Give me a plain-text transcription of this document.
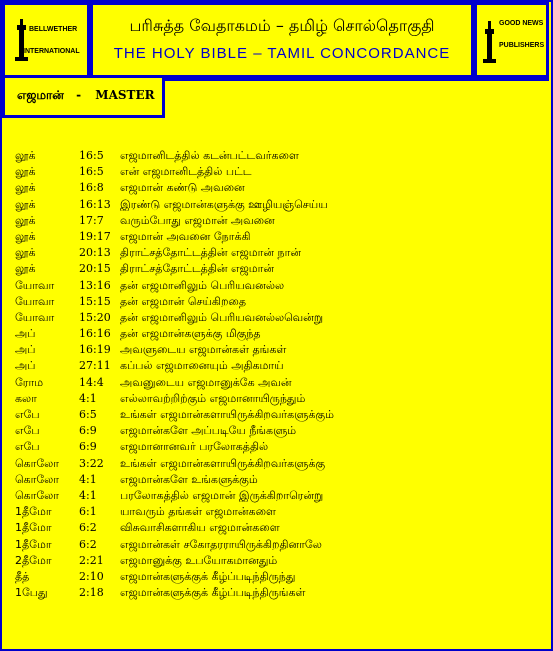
BELLWETHER
INTERNATIONAL
பரிசுத்த வேதாகமம் – தமிழ் சொல்தொகுதி
THE HOLY BIBLE – TAMIL CONCORDANCE
GOOD NEWS
PUBLISHERS
எஜமான் - MASTER
லூக்	16:5 எஜமானிடத்தில் கடன்பட்டவர்களை
லூக்	16:5 என் எஜமானிடத்தில் பட்ட
லூக்	16:8 எஜமான் கண்டு அவனை
லூக்	16:13 இரண்டு எஜமான்களுக்கு ஊழியஞ்செய்ய
லூக்	17:7 வரும்போது எஜமான் அவனை
லூக்	19:17 எஜமான் அவனை நோக்கி
லூக்	20:13 திராட்சத்தோட்டத்தின் எஜமான் நான்
லூக்	20:15 திராட்சத்தோட்டத்தின் எஜமான்
யோவா 13:16 தன் எஜமானிலும் பெரியவனல்ல
யோவா 15:15 தன் எஜமான் செய்கிறதை
யோவா 15:20 தன் எஜமானிலும் பெரியவனல்லவென்று
அப்	16:16 தன் எஜமான்களுக்கு மிகுந்த
அப்	16:19 அவளுடைய எஜமான்கள் தங்கள்
அப்	27:11 கப்பல் எஜமானையும் அதிகமாய்
ரோம	14:4 அவனுடைய எஜமானுக்கே அவன்
கலா	4:1 எல்லாவற்றிற்கும் எஜமானாயிருந்தும்
எபே	6:5 உங்கள் எஜமான்களாயிருக்கிறவர்களுக்கும்
எபே	6:9 எஜமான்களே அப்படியே நீங்களும்
எபே	6:9 எஜமானானவர் பரலோகத்தில்
கொலோ 3:22 உங்கள் எஜமான்களாயிருக்கிறவர்களுக்கு
கொலோ 4:1 எஜமான்களே உங்களுக்கும்
கொலோ 4:1 பரலோகத்தில் எஜமான் இருக்கிறாரென்று
1தீமோ 6:1 யாவரும் தங்கள் எஜமான்களை
1தீமோ 6:2 விசுவாசிகளாகிய எஜமான்களை
1தீமோ 6:2 எஜமான்கள் சகோதரராயிருக்கிறதினாலே
2தீமோ 2:21 எஜமானுக்கு உபயோகமானதும்
தீத்	2:10 எஜமான்களுக்குக் கீழ்ப்படிந்திருந்து
1பேது	2:18 எஜமான்களுக்குக் கீழ்ப்படிந்திருங்கள்
